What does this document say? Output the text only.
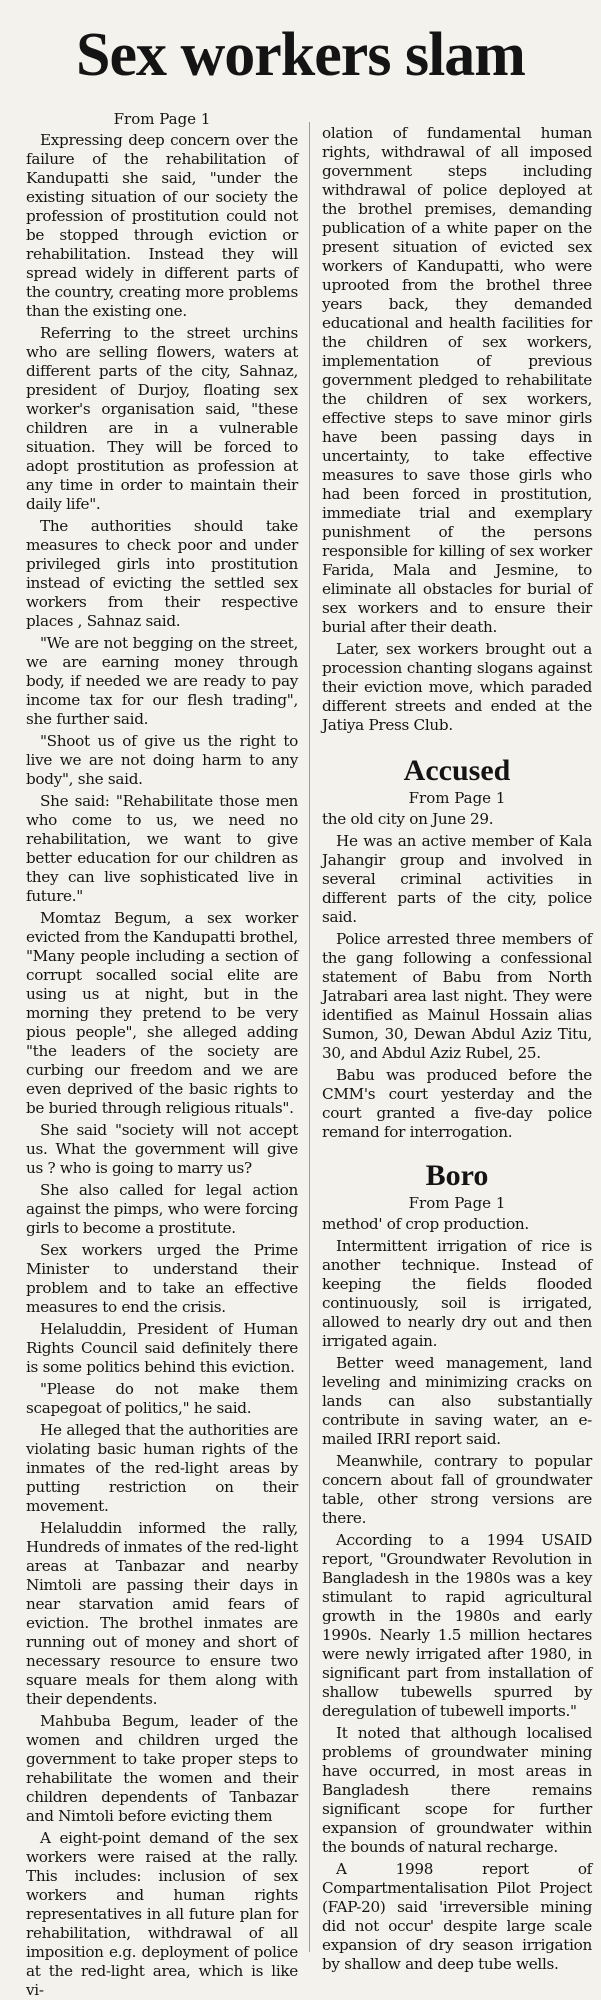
Sex workers slam
From Page 1

Expressing deep concern over the failure of the rehabilitation of Kandupatti she said, "under the existing situation of our society the profession of prostitution could not be stopped through eviction or rehabilitation. Instead they will spread widely in different parts of the country, creating more problems than the existing one.

Referring to the street urchins who are selling flowers, waters at different parts of the city, Sahnaz, president of Durjoy, floating sex worker's organisation said, "these children are in a vulnerable situation. They will be forced to adopt prostitution as profession at any time in order to maintain their daily life".

The authorities should take measures to check poor and under privileged girls into prostitution instead of evicting the settled sex workers from their respective places , Sahnaz said.

"We are not begging on the street, we are earning money through body, if needed we are ready to pay income tax for our flesh trading", she further said.

"Shoot us of give us the right to live we are not doing harm to any body", she said.

She said: "Rehabilitate those men who come to us, we need no rehabilitation, we want to give better education for our children as they can live sophisticated live in future."

Momtaz Begum, a sex worker evicted from the Kandupatti brothel, "Many people including a section of corrupt socalled social elite are using us at night, but in the morning they pretend to be very pious people", she alleged adding "the leaders of the society are curbing our freedom and we are even deprived of the basic rights to be buried through religious rituals".

She said "society will not accept us. What the government will give us ? who is going to marry us?

She also called for legal action against the pimps, who were forcing girls to become a prostitute.

Sex workers urged the Prime Minister to understand their problem and to take an effective measures to end the crisis.

Helaluddin, President of Human Rights Council said definitely there is some politics behind this eviction.

"Please do not make them scapegoat of politics," he said.

He alleged that the authorities are violating basic human rights of the inmates of the red-light areas by putting restriction on their movement.

Helaluddin informed the rally, Hundreds of inmates of the red-light areas at Tanbazar and nearby Nimtoli are passing their days in near starvation amid fears of eviction. The brothel inmates are running out of money and short of necessary resource to ensure two square meals for them along with their dependents.

Mahbuba Begum, leader of the women and children urged the government to take proper steps to rehabilitate the women and their children dependents of Tanbazar and Nimtoli before evicting them

A eight-point demand of the sex workers were raised at the rally. This includes: inclusion of sex workers and human rights representatives in all future plan for rehabilitation, withdrawal of all imposition e.g. deployment of police at the red-light area, which is like vi-

olation of fundamental human rights, withdrawal of all imposed government steps including withdrawal of police deployed at the brothel premises, demanding publication of a white paper on the present situation of evicted sex workers of Kandupatti, who were uprooted from the brothel three years back, they demanded educational and health facilities for the children of sex workers, implementation of previous government pledged to rehabilitate the children of sex workers, effective steps to save minor girls have been passing days in uncertainty, to take effective measures to save those girls who had been forced in prostitution, immediate trial and exemplary punishment of the persons responsible for killing of sex worker Farida, Mala and Jesmine, to eliminate all obstacles for burial of sex workers and to ensure their burial after their death.

Later, sex workers brought out a procession chanting slogans against their eviction move, which paraded different streets and ended at the Jatiya Press Club.

Accused
From Page 1

the old city on June 29.

He was an active member of Kala Jahangir group and involved in several criminal activities in different parts of the city, police said.

Police arrested three members of the gang following a confessional statement of Babu from North Jatrabari area last night. They were identified as Mainul Hossain alias Sumon, 30, Dewan Abdul Aziz Titu, 30, and Abdul Aziz Rubel, 25.

Babu was produced before the CMM's court yesterday and the court granted a five-day police remand for interrogation.

Boro
From Page 1

method' of crop production.

Intermittent irrigation of rice is another technique. Instead of keeping the fields flooded continuously, soil is irrigated, allowed to nearly dry out and then irrigated again.

Better weed management, land leveling and minimizing cracks on lands can also substantially contribute in saving water, an e-mailed IRRI report said.

Meanwhile, contrary to popular concern about fall of groundwater table, other strong versions are there.

According to a 1994 USAID report, "Groundwater Revolution in Bangladesh in the 1980s was a key stimulant to rapid agricultural growth in the 1980s and early 1990s. Nearly 1.5 million hectares were newly irrigated after 1980, in significant part from installation of shallow tubewells spurred by deregulation of tubewell imports."

It noted that although localised problems of groundwater mining have occurred, in most areas in Bangladesh there remains significant scope for further expansion of groundwater within the bounds of natural recharge.

A 1998 report of Compartmentalisation Pilot Project (FAP-20) said 'irreversible mining did not occur' despite large scale expansion of dry season irrigation by shallow and deep tube wells.
